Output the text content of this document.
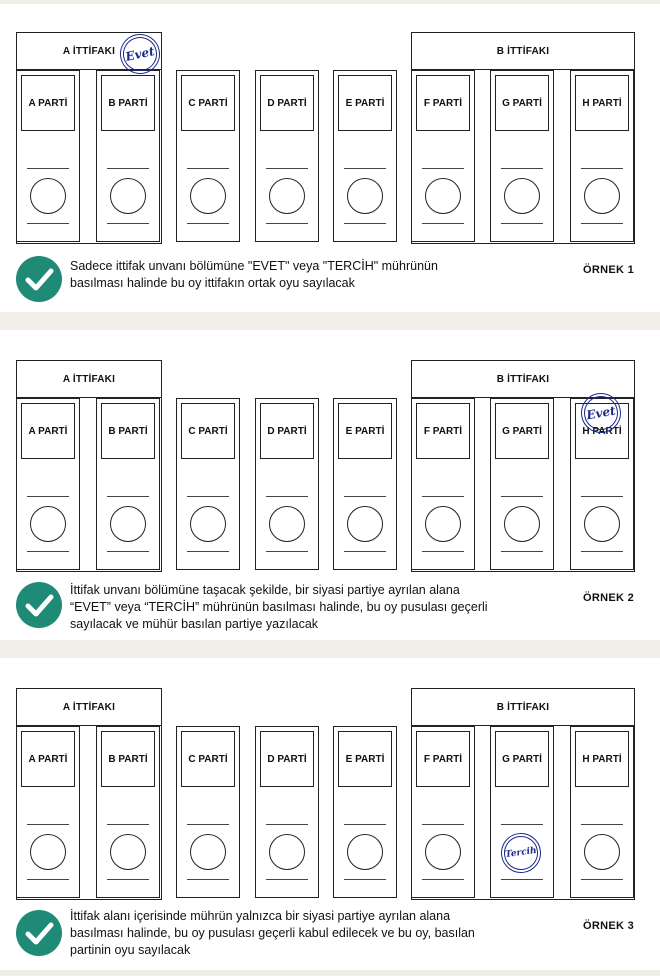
A İTTİFAKI	B İTTİFAKI
A PARTİ	B PARTİ	C PARTİ	D PARTİ	E PARTİ	F PARTİ	G PARTİ	H PARTİ
Evet
Sadece ittifak unvanı bölümüne "EVET" veya "TERCİH" mührünün
basılması halinde bu oy ittifakın ortak oyu sayılacak
ÖRNEK 1
A İTTİFAKI	B İTTİFAKI
A PARTİ	B PARTİ	C PARTİ	D PARTİ	E PARTİ	F PARTİ	G PARTİ	H PARTİ
Evet
İttifak unvanı bölümüne taşacak şekilde, bir siyasi partiye ayrılan alana
“EVET” veya “TERCİH” mührünün basılması halinde, bu oy pusulası geçerli
sayılacak ve mühür basılan partiye yazılacak
ÖRNEK 2
A İTTİFAKI	B İTTİFAKI
A PARTİ	B PARTİ	C PARTİ	D PARTİ	E PARTİ	F PARTİ	G PARTİ	H PARTİ
Tercih
İttifak alanı içerisinde mührün yalnızca bir siyasi partiye ayrılan alana
basılması halinde, bu oy pusulası geçerli kabul edilecek ve bu oy, basılan
partinin oyu sayılacak
ÖRNEK 3
